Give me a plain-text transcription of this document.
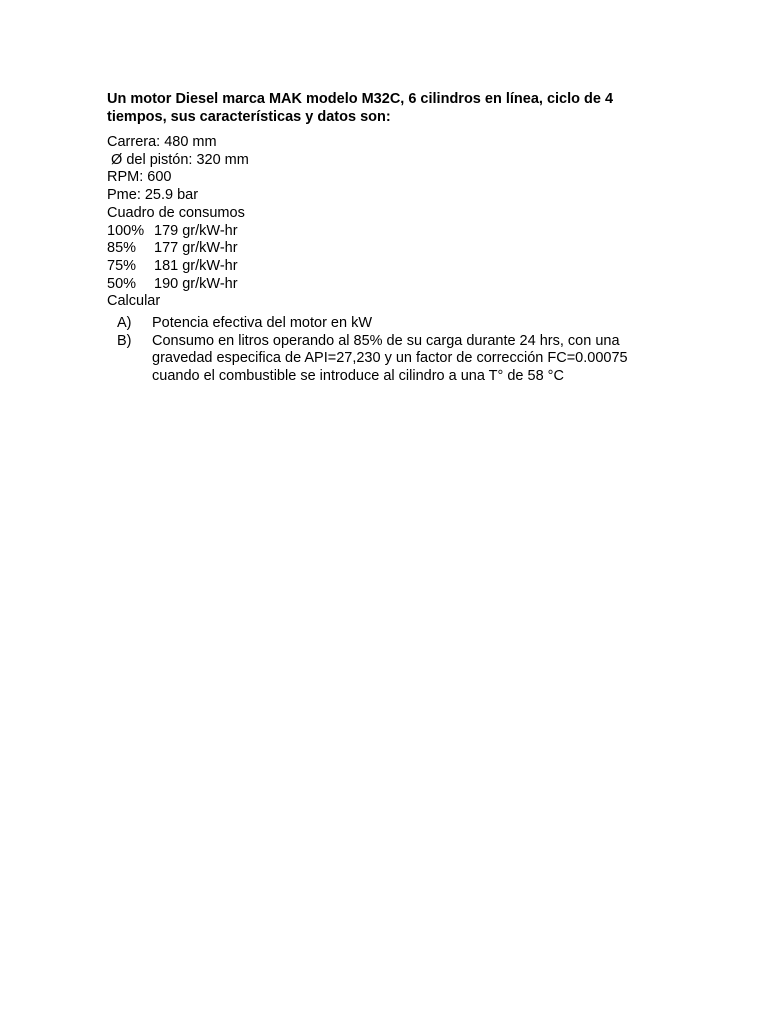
Un motor Diesel marca MAK modelo M32C, 6 cilindros en línea, ciclo de 4 tiempos, sus características y datos son:
Carrera: 480 mm
Ø del pistón: 320 mm
RPM: 600
Pme: 25.9 bar
Cuadro de consumos
100% 179 gr/kW-hr
85%	177 gr/kW-hr
75%	181 gr/kW-hr
50%	190 gr/kW-hr
Calcular
A)	Potencia efectiva del motor en kW
B)	Consumo en litros operando al 85% de su carga durante 24 hrs, con una gravedad especifica de API=27,230 y un factor de corrección FC=0.00075 cuando el combustible se introduce al cilindro a una T° de 58 °C
